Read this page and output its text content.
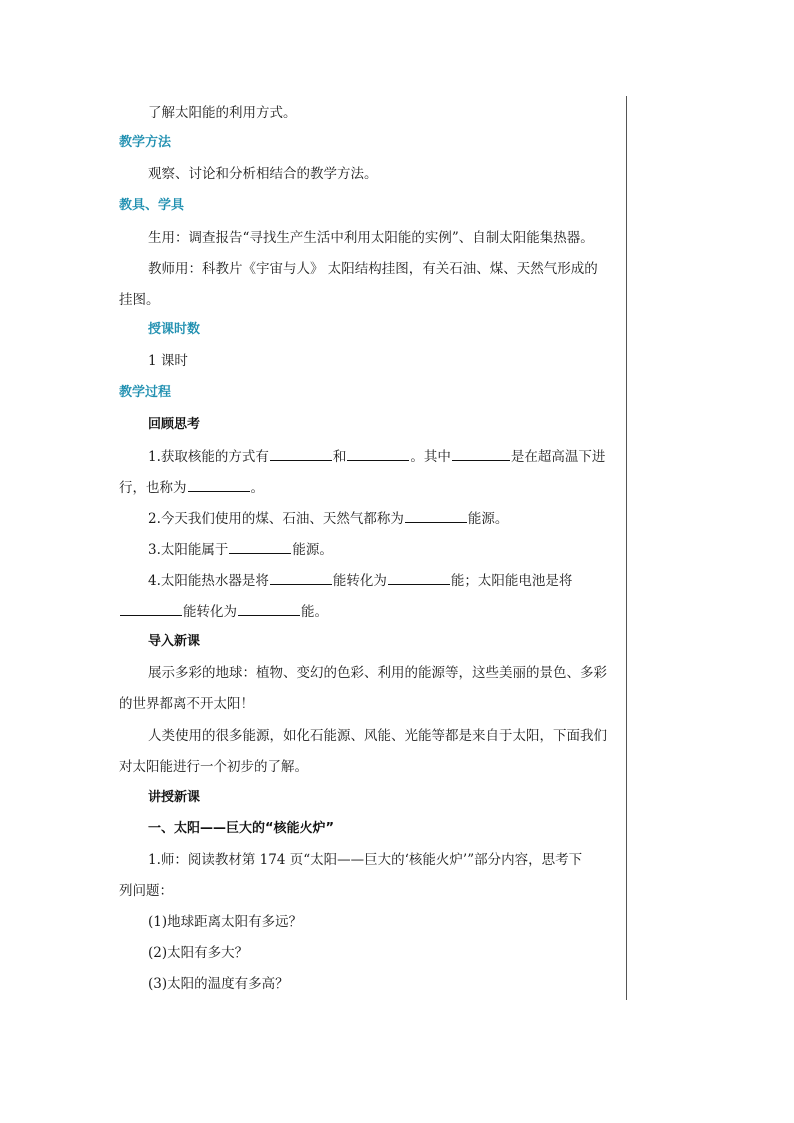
了解太阳能的利用方式。
教学方法
观察、讨论和分析相结合的教学方法。
教具、学具
生用：调查报告“寻找生产生活中利用太阳能的实例”、自制太阳能集热器。
教师用：科教片《宇宙与人》 太阳结构挂图，有关石油、煤、天然气形成的
挂图。
授课时数
1 课时
教学过程
回顾思考
1.获取核能的方式有	和	。其中	是在超高温下进
行，也称为	。
2.今天我们使用的煤、石油、天然气都称为	能源。
3.太阳能属于	能源。
4.太阳能热水器是将	能转化为	能；太阳能电池是将
能转化为	能。
导入新课
展示多彩的地球：植物、变幻的色彩、利用的能源等，这些美丽的景色、多彩
的世界都离不开太阳！
人类使用的很多能源，如化石能源、风能、光能等都是来自于太阳，下面我们
对太阳能进行一个初步的了解。
讲授新课
一、太阳——巨大的“核能火炉”
1.师：阅读教材第 174 页“太阳——巨大的‘核能火炉’”部分内容，思考下
列问题：
(1)地球距离太阳有多远？
(2)太阳有多大？
(3)太阳的温度有多高？
